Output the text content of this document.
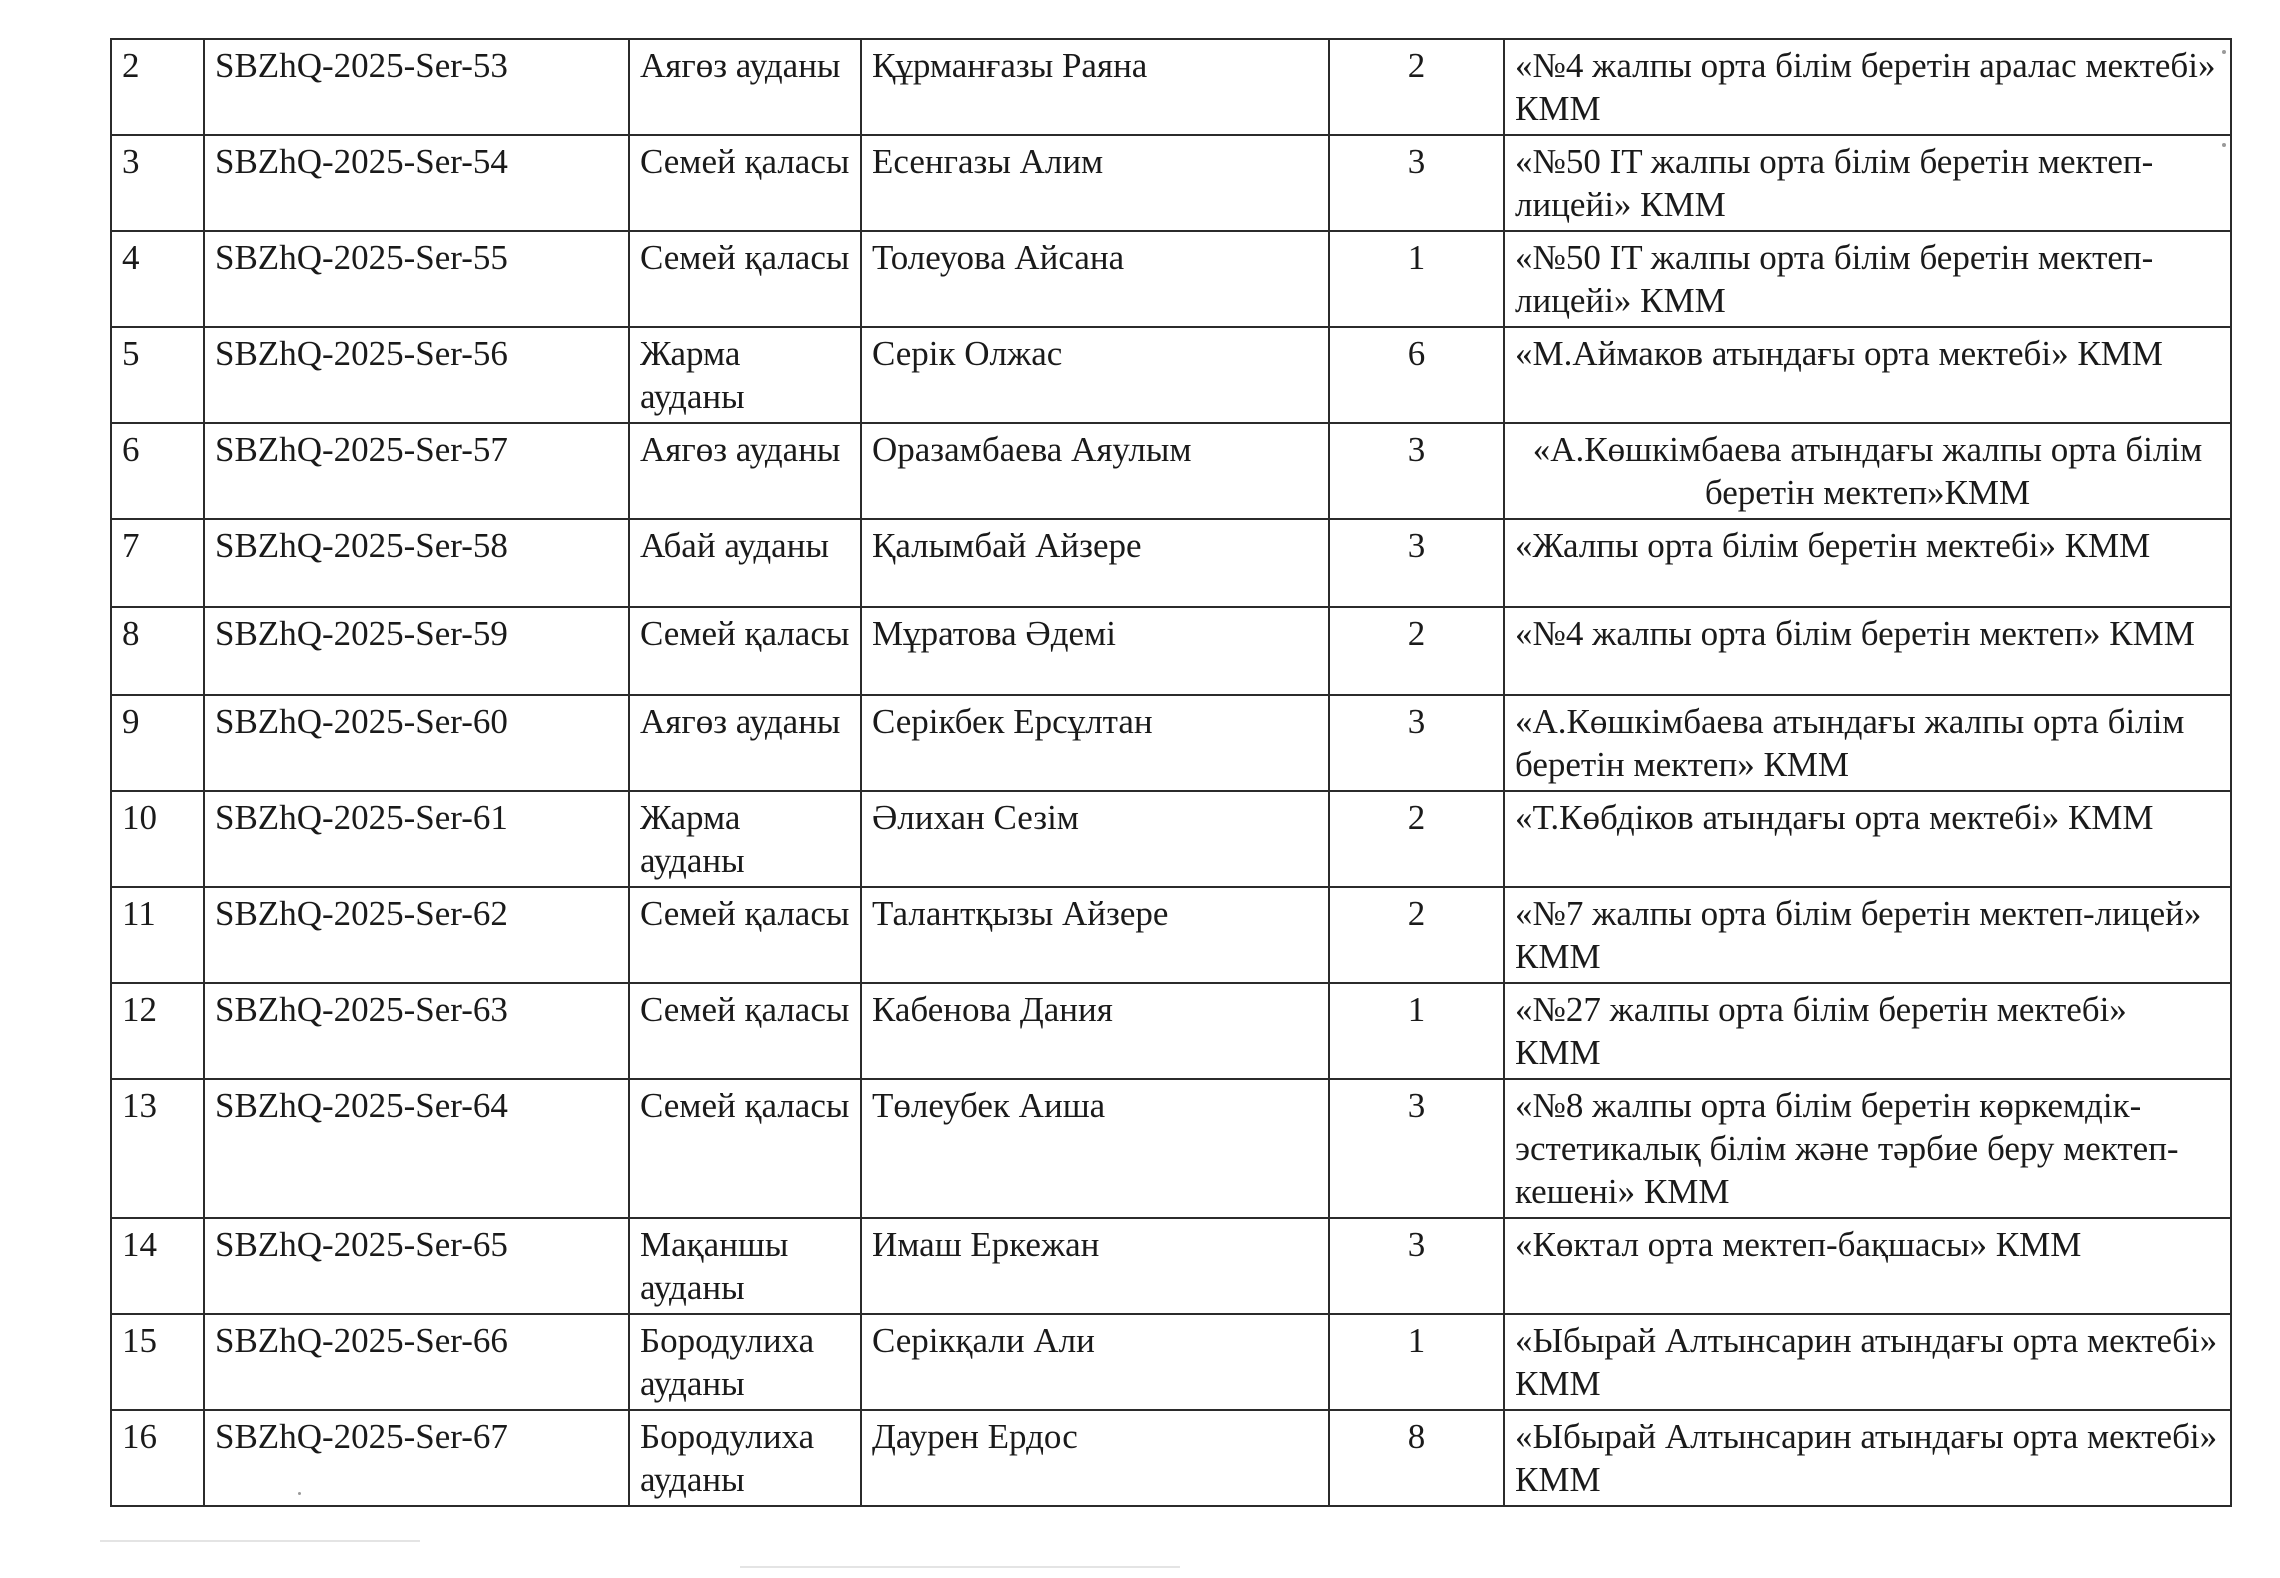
2	SBZhQ-2025-Ser-53	Аягөз ауданы	Құрманғазы Раяна	2	«№4 жалпы орта білім беретін аралас мектебі» КММ
3	SBZhQ-2025-Ser-54	Семей қаласы	Есенгазы Алим	3	«№50 IT жалпы орта білім беретін мектеп-лицейі» КММ
4	SBZhQ-2025-Ser-55	Семей қаласы	Толеуова Айсана	1	«№50 IT жалпы орта білім беретін мектеп-лицейі» КММ
5	SBZhQ-2025-Ser-56	Жарма ауданы	Серік Олжас	6	«М.Аймаков атындағы орта мектебі» КММ
6	SBZhQ-2025-Ser-57	Аягөз ауданы	Оразамбаева Аяулым	3	«А.Көшкімбаева атындағы жалпы орта білім беретін мектеп»КММ
7	SBZhQ-2025-Ser-58	Абай ауданы	Қалымбай Айзере	3	«Жалпы орта білім беретін мектебі» КММ
8	SBZhQ-2025-Ser-59	Семей қаласы	Мұратова Әдемі	2	«№4 жалпы орта білім беретін мектеп» КММ
9	SBZhQ-2025-Ser-60	Аягөз ауданы	Серікбек Ерсұлтан	3	«А.Көшкімбаева атындағы жалпы орта білім беретін мектеп» КММ
10	SBZhQ-2025-Ser-61	Жарма ауданы	Әлихан Сезім	2	«Т.Көбдіков атындағы орта мектебі» КММ
11	SBZhQ-2025-Ser-62	Семей қаласы	Талантқызы Айзере	2	«№7 жалпы орта білім беретін мектеп-лицей» КММ
12	SBZhQ-2025-Ser-63	Семей қаласы	Кабенова Дания	1	«№27 жалпы орта білім беретін мектебі» КММ
13	SBZhQ-2025-Ser-64	Семей қаласы	Төлеубек Аиша	3	«№8 жалпы орта білім беретін көркемдік-эстетикалық білім және тәрбие беру мектеп-кешені» КММ
14	SBZhQ-2025-Ser-65	Мақаншы ауданы	Имаш Еркежан	3	«Көктал орта мектеп-бақшасы» КММ
15	SBZhQ-2025-Ser-66	Бородулиха ауданы	Серікқали Али	1	«Ыбырай Алтынсарин атындағы орта мектебі» КММ
16	SBZhQ-2025-Ser-67	Бородулиха ауданы	Даурен Ердос	8	«Ыбырай Алтынсарин атындағы орта мектебі» КММ
